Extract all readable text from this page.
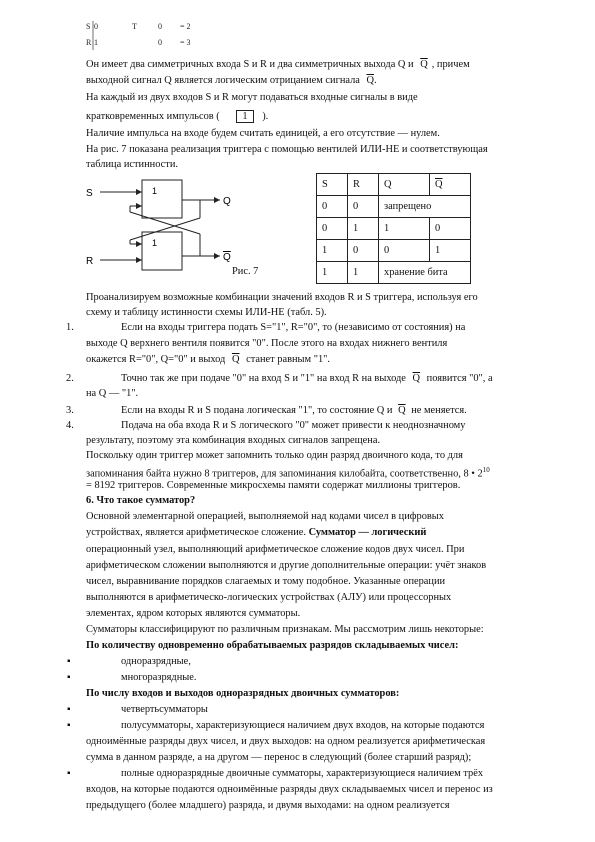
S 0	T	0 = 2
R 1	0 = 3
Он имеет два симметричных входа S и R и два симметричных выхода Q и $\overline{Q}$ , причем
выходной сигнал Q является логическим отрицанием сигнала $\overline{Q}$.
На каждый из двух входов S и R могут подаваться входные сигналы в виде
кратковременных импульсов ( 1 ).
Наличие импульса на входе будем считать единицей, а его отсутствие — нулем.
На рис. 7 показана реализация триггера с помощью вентилей ИЛИ-НЕ и соответствующая
таблица истинности.
S
R
1
1
Q
Q
Рис. 7
S	R	Q	$\overline{Q}$
0	0	запрещено	
0	1	1	0
1	0	0	1
1	1	хранение бита	
Проанализируем возможные комбинации значений входов R и S триггера, используя его
схему и таблицу истинности схемы ИЛИ-НЕ (табл. 5).
1.	Если на входы триггера подать S="1", R="0", то (независимо от состояния) на
выходе Q верхнего вентиля появится "0". После этого на входах нижнего вентиля
окажется R="0", Q="0" и выход $\overline{Q}$ станет равным "1".
2.	Точно так же при подаче "0" на вход S и "1" на вход R на выходе $\overline{Q}$ появится "0", а
на Q — "1".
3.	Если на входы R и S подана логическая "1", то состояние Q и $\overline{Q}$ не меняется.
4.	Подача на оба входа R и S логического "0" может привести к неоднозначному
результату, поэтому эта комбинация входных сигналов запрещена.
Поскольку один триггер может запомнить только один разряд двоичного кода, то для
запоминания байта нужно 8 триггеров, для запоминания килобайта, соответственно, 8 • $2^{10}$
= 8192 триггеров. Современные микросхемы памяти содержат миллионы триггеров.
6. Что такое сумматор?
Основной элементарной операцией, выполняемой над кодами чисел в цифровых
устройствах, является арифметическое сложение. Сумматор — логический
операционный узел, выполняющий арифметическое сложение кодов двух чисел. При
арифметическом сложении выполняются и другие дополнительные операции: учёт знаков
чисел, выравнивание порядков слагаемых и тому подобное. Указанные операции
выполняются в арифметическо-логических устройствах (АЛУ) или процессорных
элементах, ядром которых являются сумматоры.
Сумматоры классифицируют по различным признакам. Мы рассмотрим лишь некоторые:
По количеству одновременно обрабатываемых разрядов складываемых чисел:
▪	одноразрядные,
▪	многоразрядные.
По числу входов и выходов одноразрядных двоичных сумматоров:
▪	четвертьсумматоры
▪	полусумматоры, характеризующиеся наличием двух входов, на которые подаются
одноимённые разряды двух чисел, и двух выходов: на одном реализуется арифметическая
сумма в данном разряде, а на другом — перенос в следующий (более старший разряд);
▪	полные одноразрядные двоичные сумматоры, характеризующиеся наличием трёх
входов, на которые подаются одноимённые разряды двух складываемых чисел и перенос из
предыдущего (более младшего) разряда, и двумя выходами: на одном реализуется
